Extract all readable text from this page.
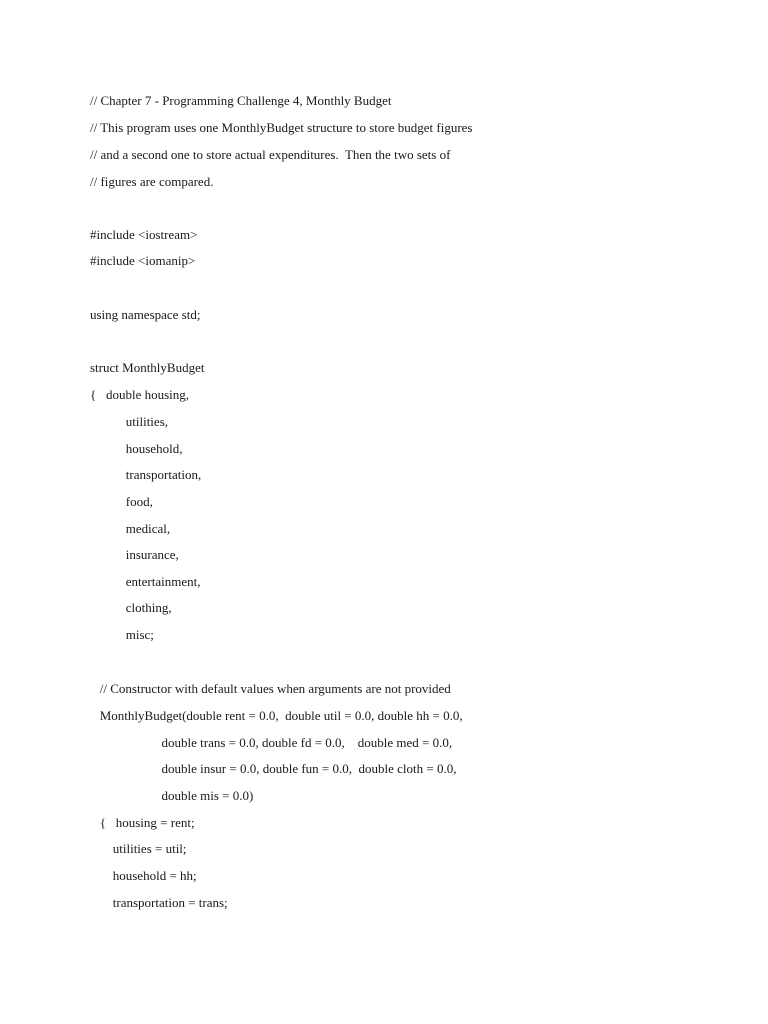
// Chapter 7 - Programming Challenge 4, Monthly Budget
// This program uses one MonthlyBudget structure to store budget figures
// and a second one to store actual expenditures.  Then the two sets of
// figures are compared.
#include <iostream>
#include <iomanip>
using namespace std;
struct MonthlyBudget
{   double housing,
utilities,
household,
transportation,
food,
medical,
insurance,
entertainment,
clothing,
misc;
// Constructor with default values when arguments are not provided
MonthlyBudget(double rent = 0.0,  double util = 0.0, double hh = 0.0,
double trans = 0.0, double fd = 0.0,    double med = 0.0,
double insur = 0.0, double fun = 0.0,  double cloth = 0.0,
double mis = 0.0)
{   housing = rent;
utilities = util;
household = hh;
transportation = trans;
